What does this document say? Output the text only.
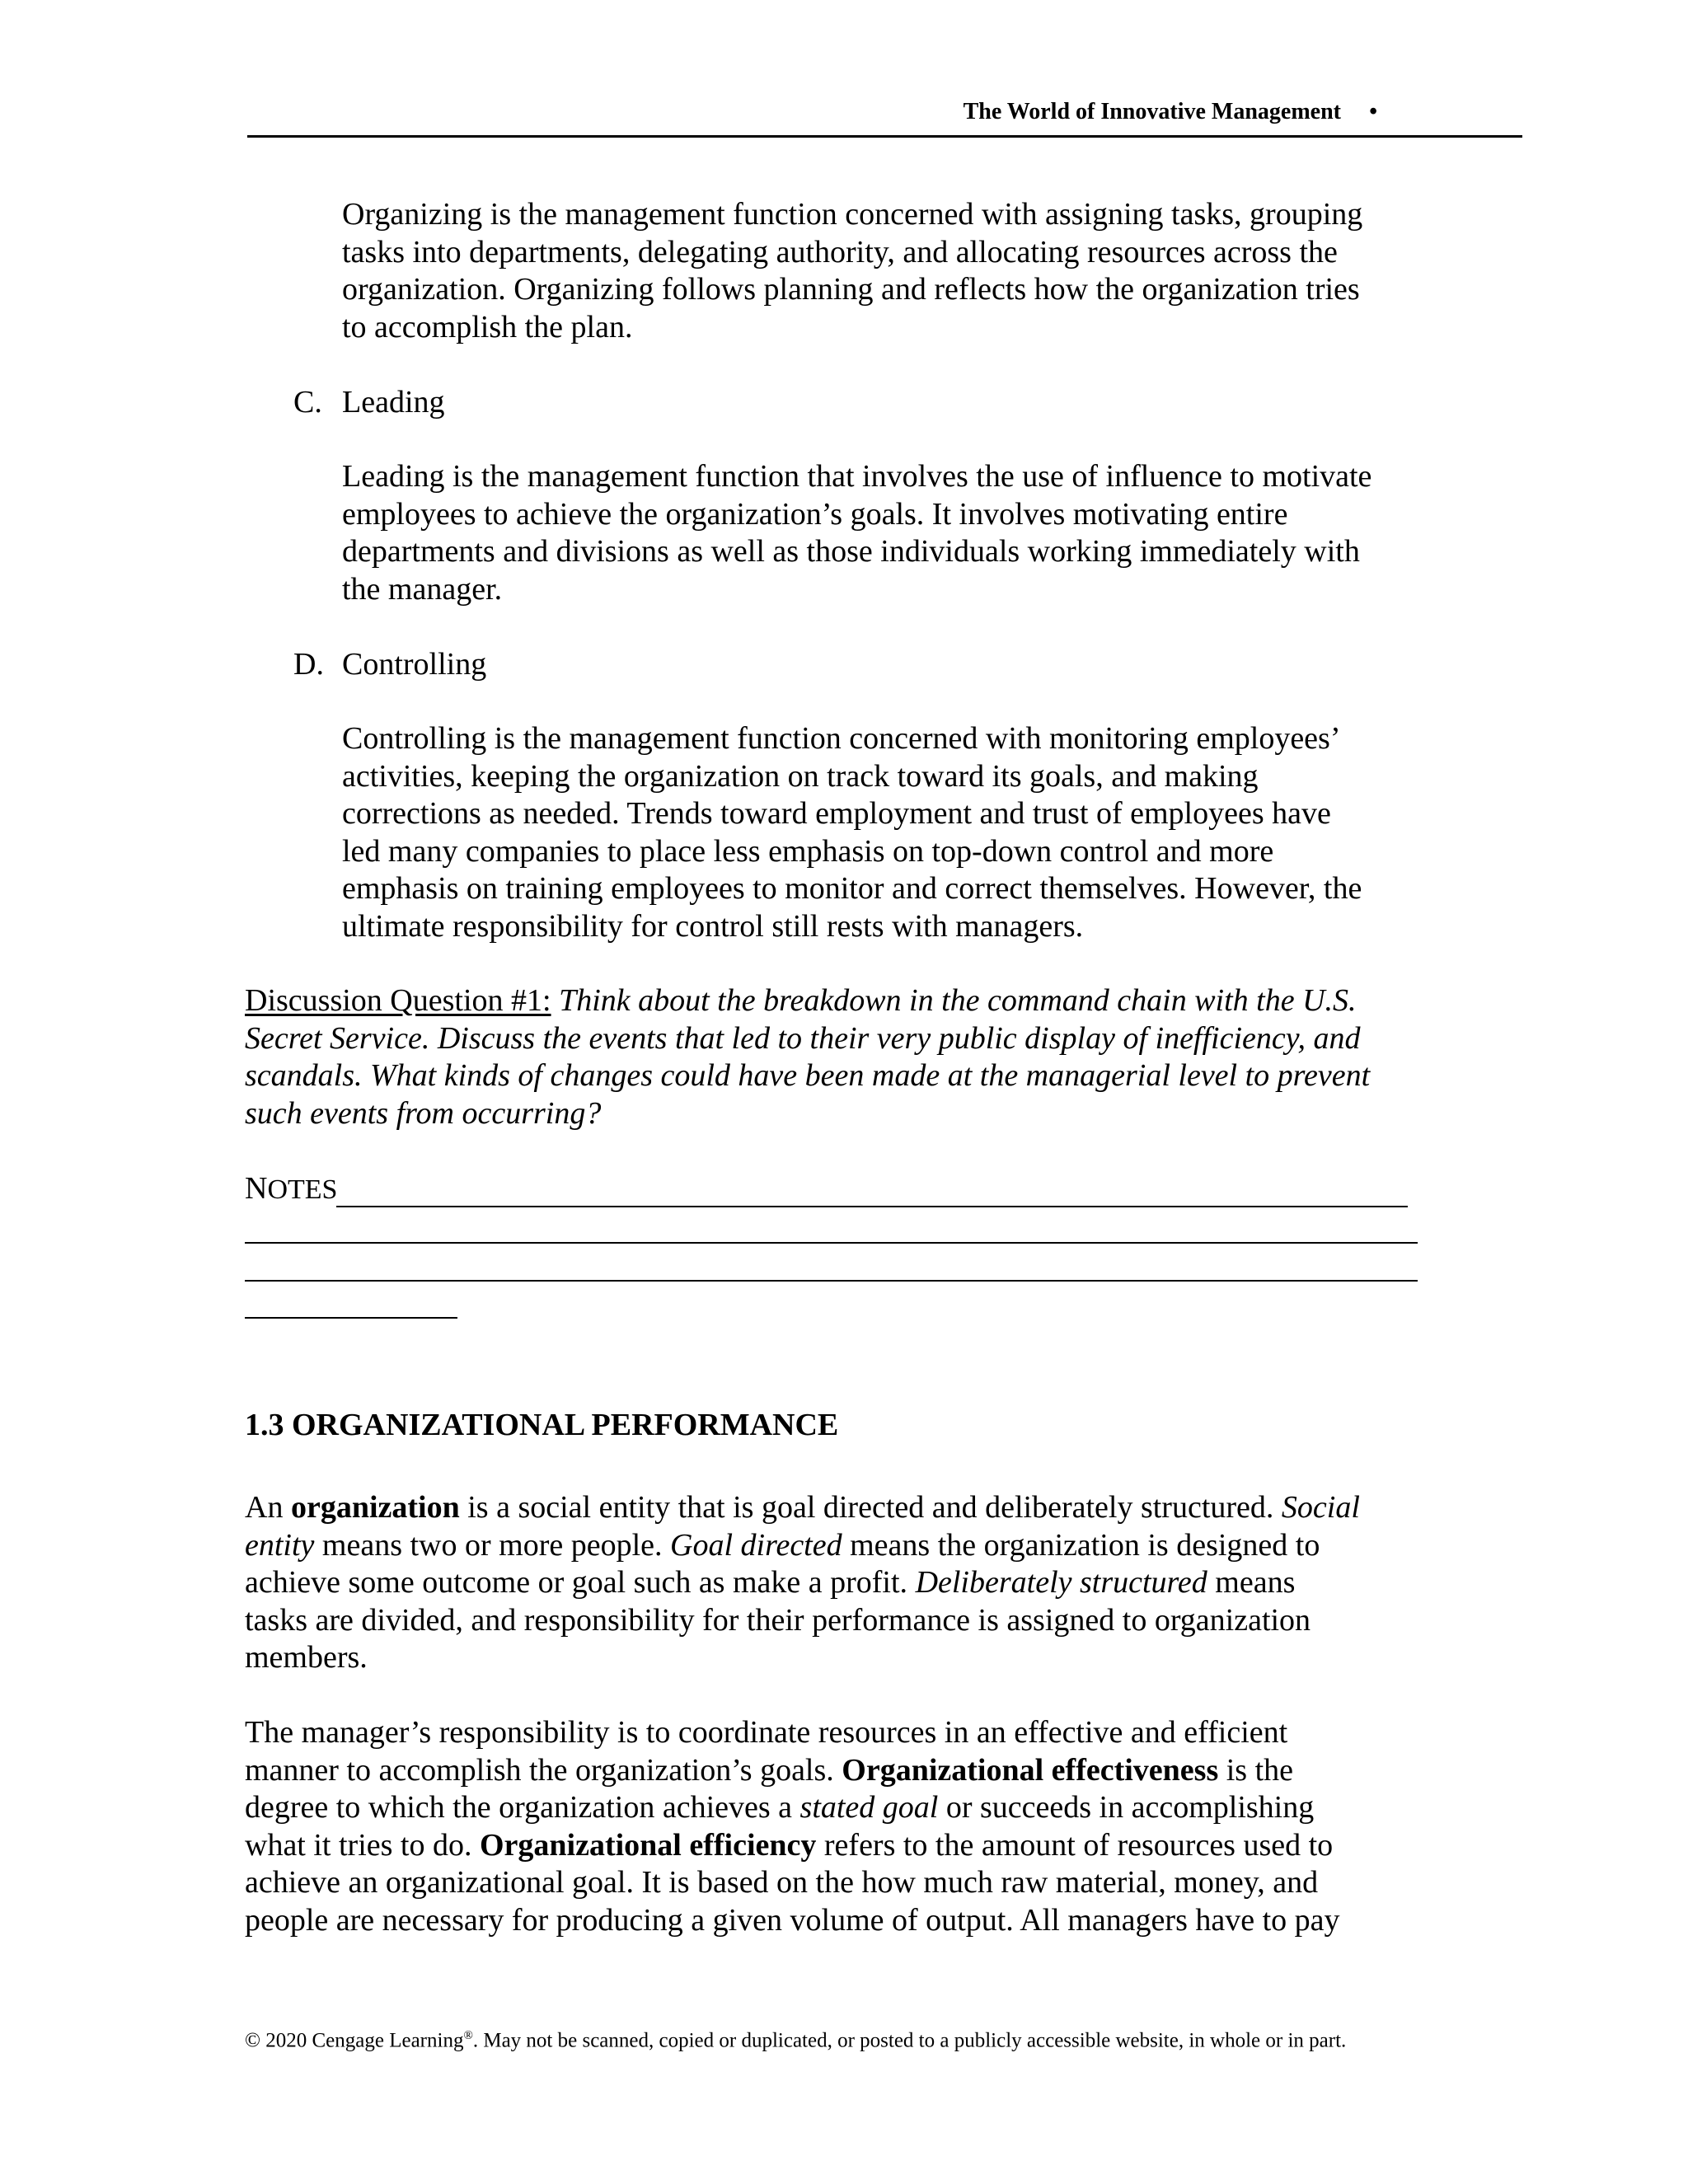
The World of Innovative Management •
Organizing is the management function concerned with assigning tasks, grouping
tasks into departments, delegating authority, and allocating resources across the
organization. Organizing follows planning and reflects how the organization tries
to accomplish the plan.
C. Leading
Leading is the management function that involves the use of influence to motivate
employees to achieve the organization’s goals. It involves motivating entire
departments and divisions as well as those individuals working immediately with
the manager.
D. Controlling
Controlling is the management function concerned with monitoring employees’
activities, keeping the organization on track toward its goals, and making
corrections as needed. Trends toward employment and trust of employees have
led many companies to place less emphasis on top-down control and more
emphasis on training employees to monitor and correct themselves. However, the
ultimate responsibility for control still rests with managers.
Discussion Question #1: Think about the breakdown in the command chain with the U.S.
Secret Service. Discuss the events that led to their very public display of inefficiency, and
scandals. What kinds of changes could have been made at the managerial level to prevent
such events from occurring?
NOTES
1.3 ORGANIZATIONAL PERFORMANCE
An organization is a social entity that is goal directed and deliberately structured. Social
entity means two or more people. Goal directed means the organization is designed to
achieve some outcome or goal such as make a profit. Deliberately structured means
tasks are divided, and responsibility for their performance is assigned to organization
members.
The manager’s responsibility is to coordinate resources in an effective and efficient
manner to accomplish the organization’s goals. Organizational effectiveness is the
degree to which the organization achieves a stated goal or succeeds in accomplishing
what it tries to do. Organizational efficiency refers to the amount of resources used to
achieve an organizational goal. It is based on the how much raw material, money, and
people are necessary for producing a given volume of output. All managers have to pay
© 2020 Cengage Learning®. May not be scanned, copied or duplicated, or posted to a publicly accessible website, in whole or in part.
